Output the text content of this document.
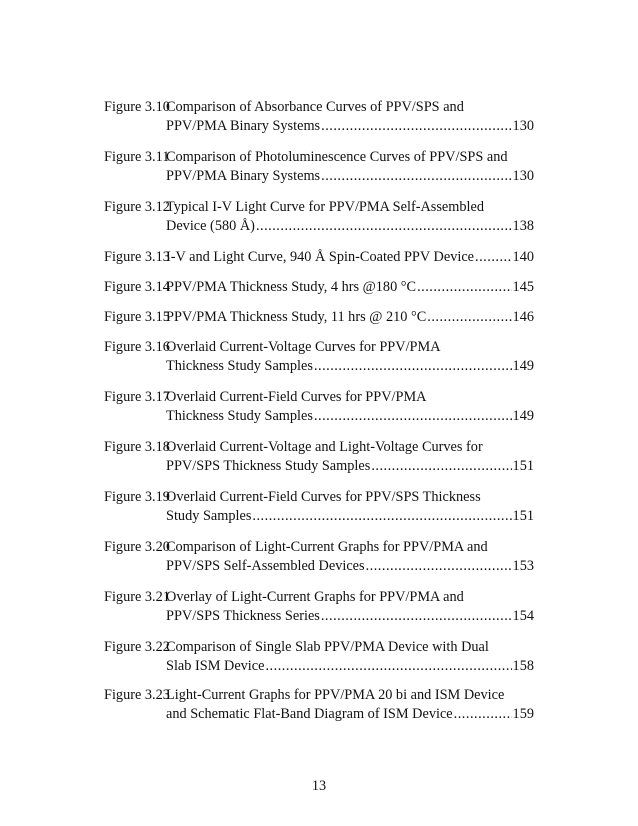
Figure 3.10
Comparison of Absorbance Curves of PPV/SPS and
PPV/PMA Binary Systems .....	130
Figure 3.11
Comparison of Photoluminescence Curves of PPV/SPS and
PPV/PMA Binary Systems .....	130
Figure 3.12
Typical I-V Light Curve for PPV/PMA Self-Assembled
Device (580 Å) .....	138
Figure 3.13
I-V and Light Curve, 940 Å Spin-Coated PPV Device .....	140
Figure 3.14
PPV/PMA Thickness Study, 4 hrs @180 °C .....	145
Figure 3.15
PPV/PMA Thickness Study, 11 hrs @ 210 °C .....	146
Figure 3.16
Overlaid Current-Voltage Curves for PPV/PMA
Thickness Study Samples .....	149
Figure 3.17
Overlaid Current-Field Curves for PPV/PMA
Thickness Study Samples .....	149
Figure 3.18
Overlaid Current-Voltage and Light-Voltage Curves for
PPV/SPS Thickness Study Samples .....	151
Figure 3.19
Overlaid Current-Field Curves for PPV/SPS Thickness
Study Samples .....	151
Figure 3.20
Comparison of Light-Current Graphs for PPV/PMA and
PPV/SPS Self-Assembled Devices .....	153
Figure 3.21
Overlay of Light-Current Graphs for PPV/PMA and
PPV/SPS Thickness Series .....	154
Figure 3.22
Comparison of Single Slab PPV/PMA Device with Dual
Slab ISM Device .....	158
Figure 3.23
Light-Current Graphs for PPV/PMA 20 bi and ISM Device
and Schematic Flat-Band Diagram of ISM Device .....	159
13
